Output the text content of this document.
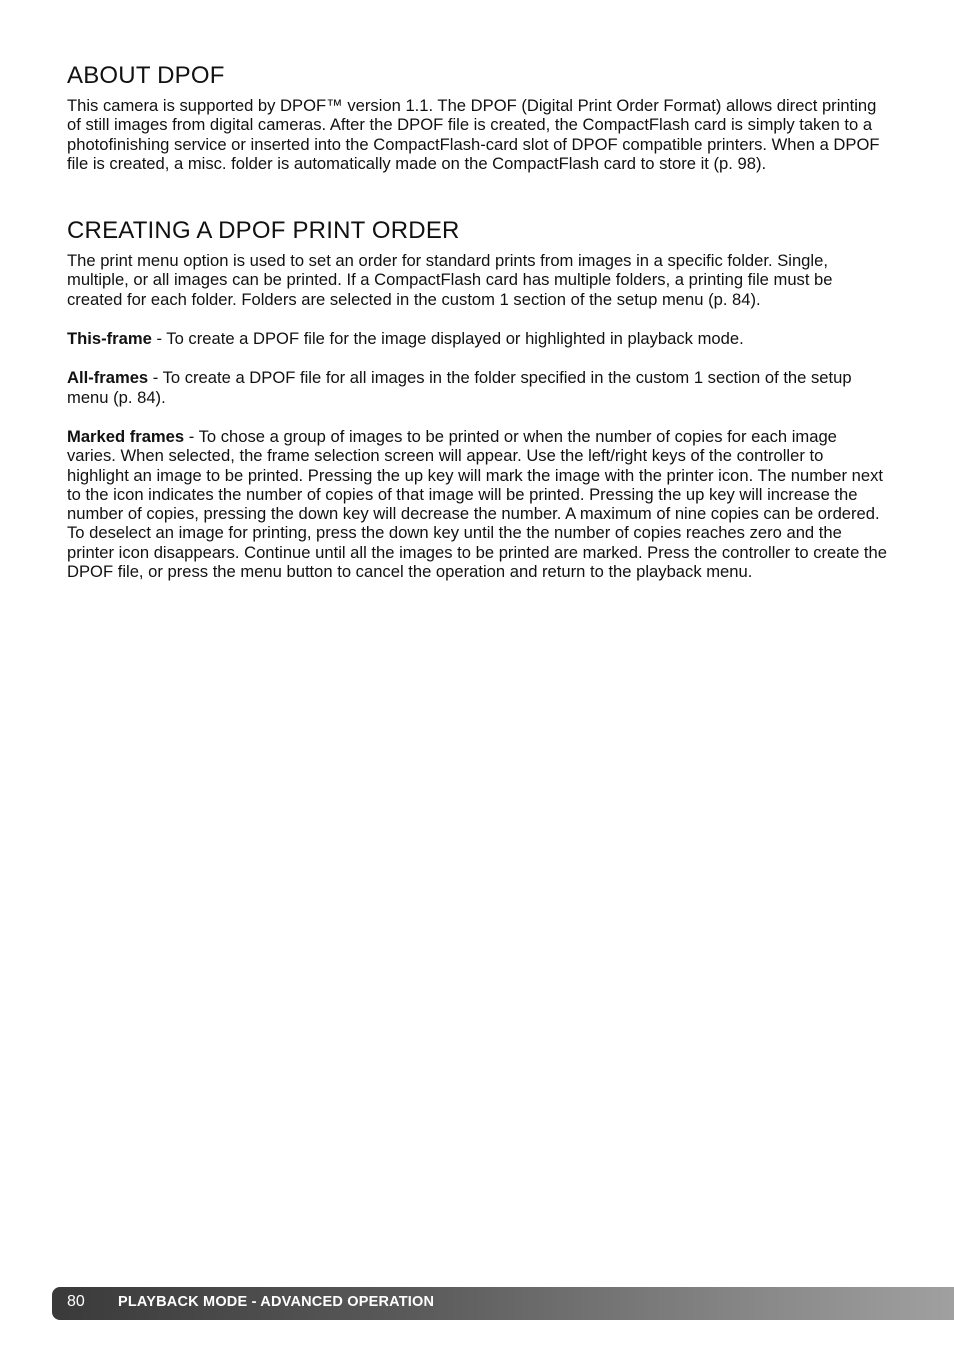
ABOUT DPOF

This camera is supported by DPOF™ version 1.1. The DPOF (Digital Print Order Format) allows direct printing of still images from digital cameras. After the DPOF file is created, the CompactFlash card is simply taken to a photofinishing service or inserted into the CompactFlash-card slot of DPOF compatible printers. When a DPOF file is created, a misc. folder is automatically made on the CompactFlash card to store it (p. 98).

CREATING A DPOF PRINT ORDER

The print menu option is used to set an order for standard prints from images in a specific folder. Single, multiple, or all images can be printed. If a CompactFlash card has multiple folders, a printing file must be created for each folder. Folders are selected in the custom 1 section of the setup menu (p. 84).

This-frame - To create a DPOF file for the image displayed or highlighted in playback mode.

All-frames - To create a DPOF file for all images in the folder specified in the custom 1 section of the setup menu (p. 84).

Marked frames - To chose a group of images to be printed or when the number of copies for each image varies. When selected, the frame selection screen will appear. Use the left/right keys of the controller to highlight an image to be printed. Pressing the up key will mark the image with the printer icon. The number next to the icon indicates the number of copies of that image will be printed. Pressing the up key will increase the number of copies, pressing the down key will decrease the number. A maximum of nine copies can be ordered. To deselect an image for printing, press the down key until the the number of copies reaches zero and the printer icon disappears. Continue until all the images to be printed are marked. Press the controller to create the DPOF file, or press the menu button to cancel the operation and return to the playback menu.

80 PLAYBACK MODE - ADVANCED OPERATION
